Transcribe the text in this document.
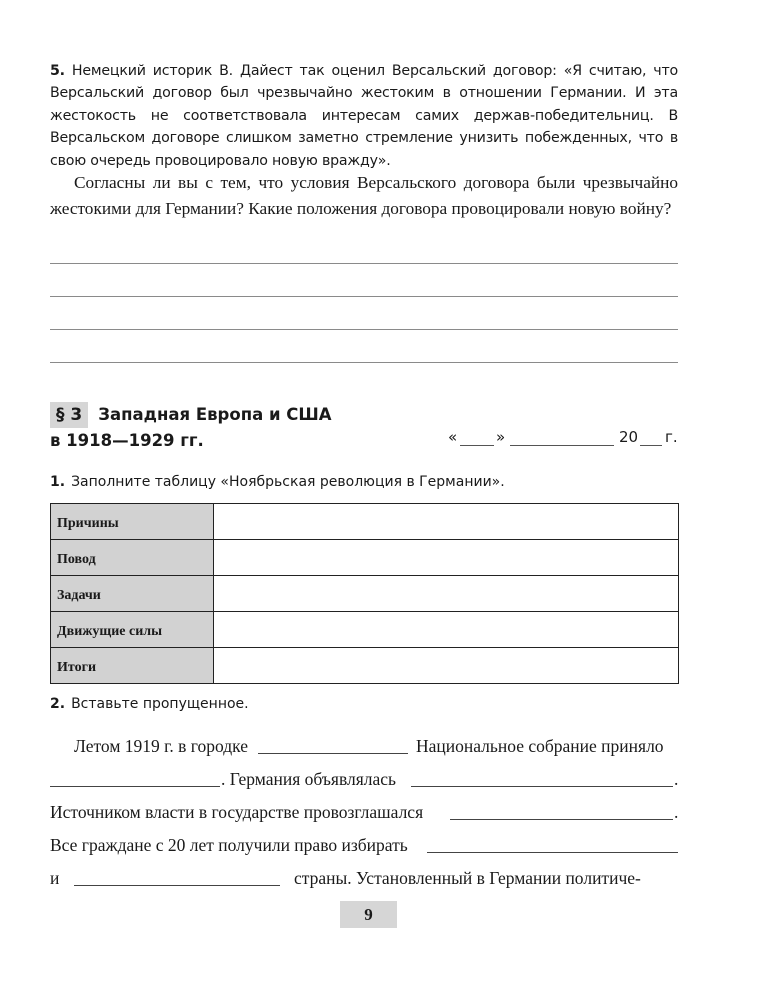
5. Немецкий историк В. Дайест так оценил Версальский договор: «Я считаю, что Версальский договор был чрезвычайно жестоким в отношении Германии. И эта жестокость не соответствовала интересам самих держав-победительниц. В Версальском договоре слишком заметно стремление унизить побежденных, что в свою очередь провоцировало новую вражду».
Согласны ли вы с тем, что условия Версальского договора были чрезвычайно жестокими для Германии? Какие положения договора провоцировали новую войну?
§ 3 Западная Европа и США
в 1918—1929 гг.	«	»	20 г.
1. Заполните таблицу «Ноябрьская революция в Германии».
Причины	
Повод	
Задачи	
Движущие силы	
Итоги	
2. Вставьте пропущенное.
Летом 1919 г. в городке	Национальное собрание приняло
. Германия объявлялась	.
Источником власти в государстве провозглашался	.
Все граждане с 20 лет получили право избирать
и	страны. Установленный в Германии политиче-
9
